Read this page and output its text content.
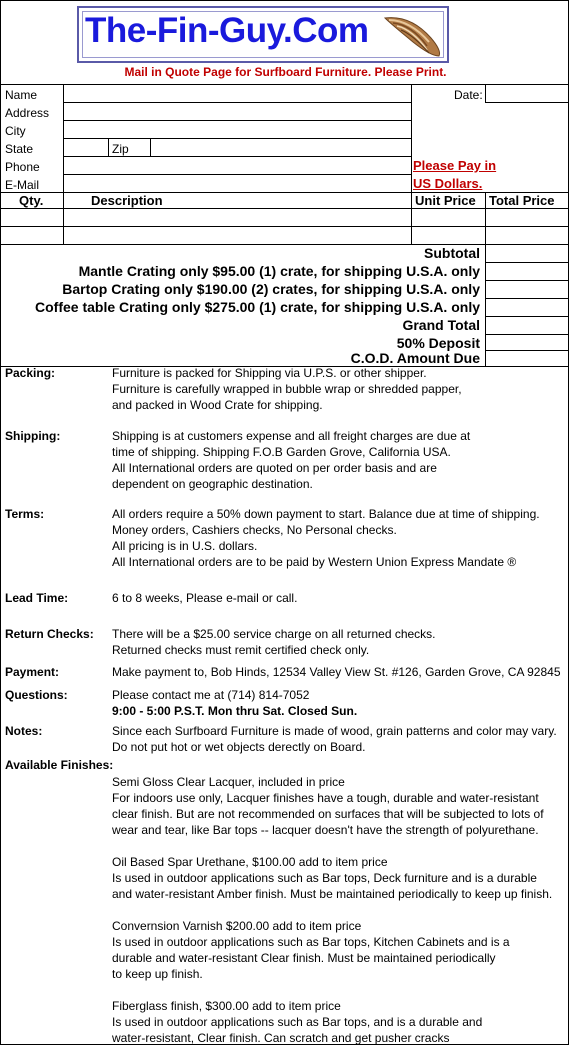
The-Fin-Guy.Com
Mail in Quote Page for Surfboard Furniture. Please Print.
Name
Address
City
State	Zip
Phone
E-Mail
Date:
Please Pay in
US Dollars.
Qty.	Description	Unit Price Total Price
Subtotal
Mantle Crating only $95.00 (1) crate, for shipping U.S.A. only
Bartop Crating only $190.00 (2) crates, for shipping U.S.A. only
Coffee table Crating only $275.00 (1) crate, for shipping U.S.A. only
Grand Total
50% Deposit
C.O.D. Amount Due
Packing:	Furniture is packed for Shipping via U.P.S. or other shipper.
Furniture is carefully wrapped in bubble wrap or shredded papper,
and packed in Wood Crate for shipping.
Shipping:	Shipping is at customers expense and all freight charges are due at
time of shipping. Shipping F.O.B Garden Grove, California USA.
All International orders are quoted on per order basis and are
dependent on geographic destination.
Terms:	All orders require a 50% down payment to start. Balance due at time of shipping.
Money orders, Cashiers checks, No Personal checks.
All pricing is in U.S. dollars.
All International orders are to be paid by Western Union Express Mandate ®
Lead Time:	6 to 8 weeks, Please e-mail or call.
Return Checks: There will be a $25.00 service charge on all returned checks.
Returned checks must remit certified check only.
Payment:	Make payment to, Bob Hinds, 12534 Valley View St. #126, Garden Grove, CA 92845
Questions:	Please contact me at (714) 814-7052
9:00 - 5:00 P.S.T. Mon thru Sat. Closed Sun.
Notes:	Since each Surfboard Furniture is made of wood, grain patterns and color may vary.
Do not put hot or wet objects derectly on Board.
Available Finishes:
Semi Gloss Clear Lacquer, included in price
For indoors use only, Lacquer finishes have a tough, durable and water-resistant
clear finish. But are not recommended on surfaces that will be subjected to lots of
wear and tear, like Bar tops -- lacquer doesn't have the strength of polyurethane.

Oil Based Spar Urethane, $100.00 add to item price
Is used in outdoor applications such as Bar tops, Deck furniture and is a durable
and water-resistant Amber finish. Must be maintained periodically to keep up finish.

Convernsion Varnish $200.00 add to item price
Is used in outdoor applications such as Bar tops, Kitchen Cabinets and is a
durable and water-resistant Clear finish. Must be maintained periodically
to keep up finish.

Fiberglass finish, $300.00 add to item price
Is used in outdoor applications such as Bar tops, and is a durable and
water-resistant, Clear finish. Can scratch and get pusher cracks
